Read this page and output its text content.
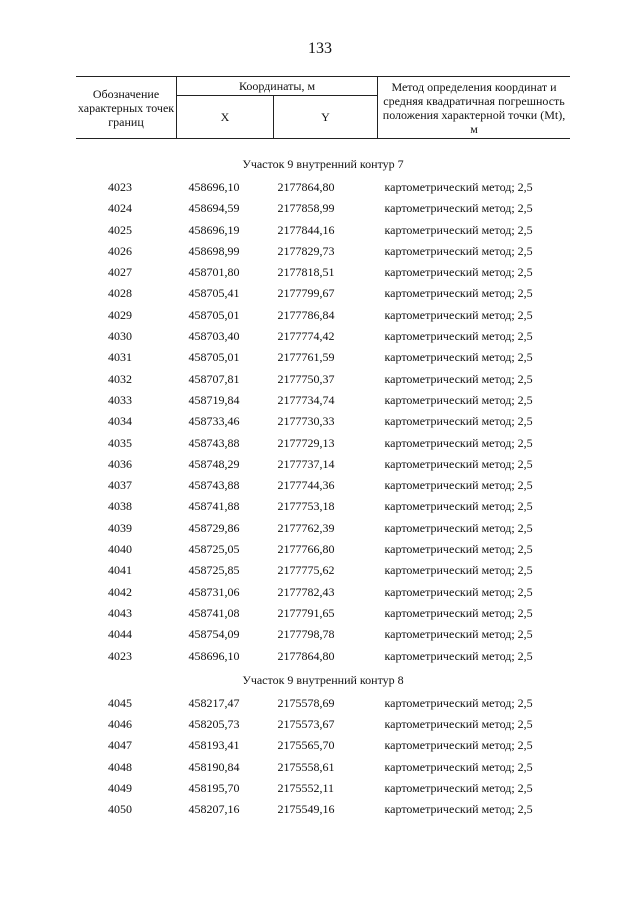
133
Обозначение характерных точек границ	Координаты, м		Метод определения координат и средняя квадратичная погрешность положения характерной точки (Mt), м
	X	Y	

Участок 9 внутренний контур 7			
4023	458696,10	2177864,80	картометрический метод; 2,5
4024	458694,59	2177858,99	картометрический метод; 2,5
4025	458696,19	2177844,16	картометрический метод; 2,5
4026	458698,99	2177829,73	картометрический метод; 2,5
4027	458701,80	2177818,51	картометрический метод; 2,5
4028	458705,41	2177799,67	картометрический метод; 2,5
4029	458705,01	2177786,84	картометрический метод; 2,5
4030	458703,40	2177774,42	картометрический метод; 2,5
4031	458705,01	2177761,59	картометрический метод; 2,5
4032	458707,81	2177750,37	картометрический метод; 2,5
4033	458719,84	2177734,74	картометрический метод; 2,5
4034	458733,46	2177730,33	картометрический метод; 2,5
4035	458743,88	2177729,13	картометрический метод; 2,5
4036	458748,29	2177737,14	картометрический метод; 2,5
4037	458743,88	2177744,36	картометрический метод; 2,5
4038	458741,88	2177753,18	картометрический метод; 2,5
4039	458729,86	2177762,39	картометрический метод; 2,5
4040	458725,05	2177766,80	картометрический метод; 2,5
4041	458725,85	2177775,62	картометрический метод; 2,5
4042	458731,06	2177782,43	картометрический метод; 2,5
4043	458741,08	2177791,65	картометрический метод; 2,5
4044	458754,09	2177798,78	картометрический метод; 2,5
4023	458696,10	2177864,80	картометрический метод; 2,5
Участок 9 внутренний контур 8			
4045	458217,47	2175578,69	картометрический метод; 2,5
4046	458205,73	2175573,67	картометрический метод; 2,5
4047	458193,41	2175565,70	картометрический метод; 2,5
4048	458190,84	2175558,61	картометрический метод; 2,5
4049	458195,70	2175552,11	картометрический метод; 2,5
4050	458207,16	2175549,16	картометрический метод; 2,5
